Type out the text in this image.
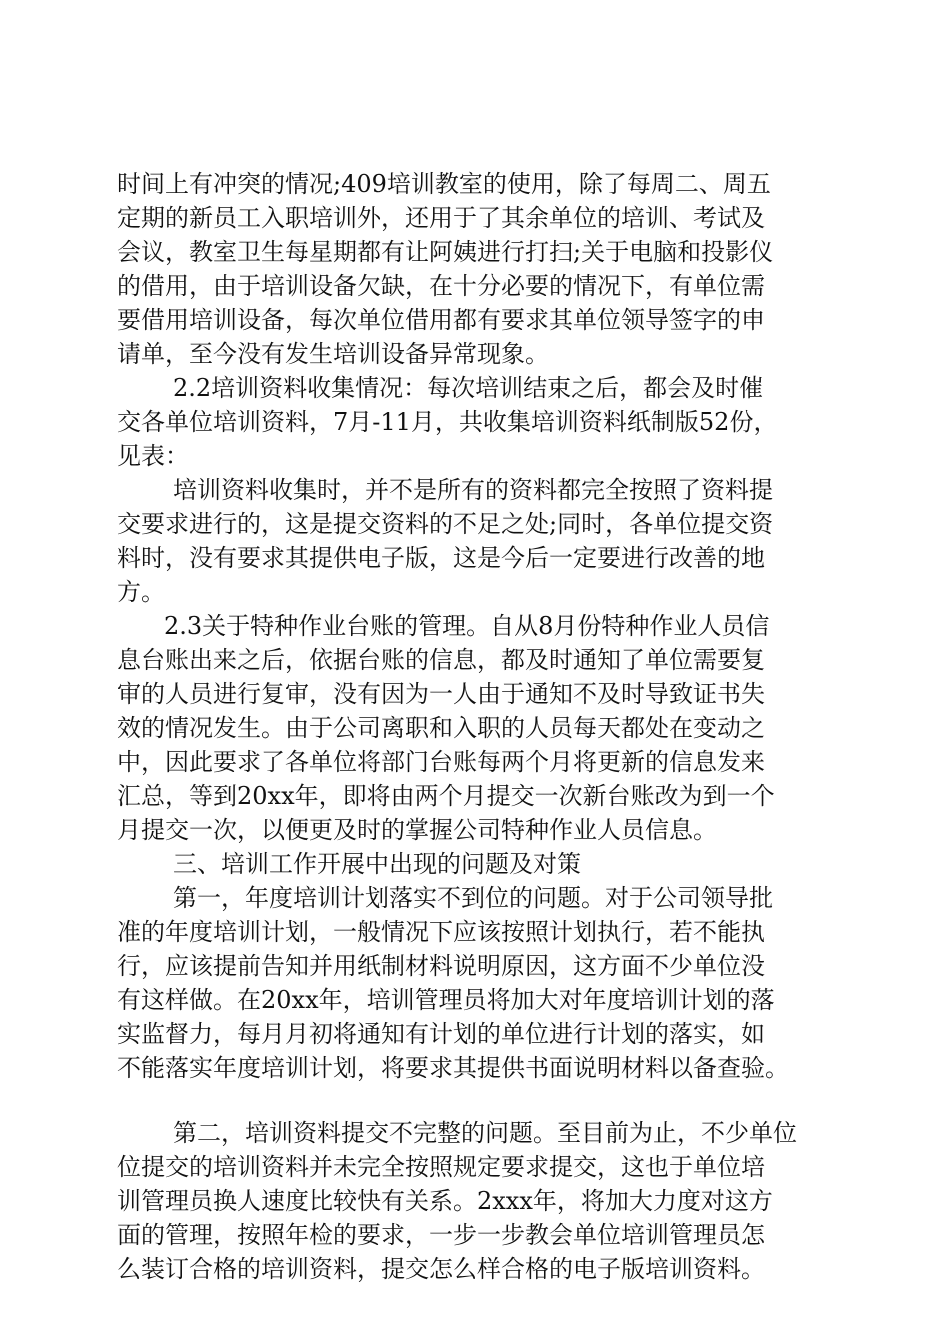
时间上有冲突的情况;409培训教室的使用，除了每周二、周五
定期的新员工入职培训外，还用于了其余单位的培训、考试及
会议，教室卫生每星期都有让阿姨进行打扫;关于电脑和投影仪
的借用，由于培训设备欠缺，在十分必要的情况下，有单位需
要借用培训设备，每次单位借用都有要求其单位领导签字的申
请单，至今没有发生培训设备异常现象。
2.2培训资料收集情况：每次培训结束之后，都会及时催
交各单位培训资料，7月-11月，共收集培训资料纸制版52份，
见表：
培训资料收集时，并不是所有的资料都完全按照了资料提
交要求进行的，这是提交资料的不足之处;同时，各单位提交资
料时，没有要求其提供电子版，这是今后一定要进行改善的地
方。
2.3关于特种作业台账的管理。自从8月份特种作业人员信
息台账出来之后，依据台账的信息，都及时通知了单位需要复
审的人员进行复审，没有因为一人由于通知不及时导致证书失
效的情况发生。由于公司离职和入职的人员每天都处在变动之
中，因此要求了各单位将部门台账每两个月将更新的信息发来
汇总，等到20xx年，即将由两个月提交一次新台账改为到一个
月提交一次，以便更及时的掌握公司特种作业人员信息。
三、培训工作开展中出现的问题及对策
第一，年度培训计划落实不到位的问题。对于公司领导批
准的年度培训计划，一般情况下应该按照计划执行，若不能执
行，应该提前告知并用纸制材料说明原因，这方面不少单位没
有这样做。在20xx年，培训管理员将加大对年度培训计划的落
实监督力，每月月初将通知有计划的单位进行计划的落实，如
不能落实年度培训计划，将要求其提供书面说明材料以备查验。
第二，培训资料提交不完整的问题。至目前为止，不少单位
位提交的培训资料并未完全按照规定要求提交，这也于单位培
训管理员换人速度比较快有关系。2xxx年，将加大力度对这方
面的管理，按照年检的要求，一步一步教会单位培训管理员怎
么装订合格的培训资料，提交怎么样合格的电子版培训资料。
